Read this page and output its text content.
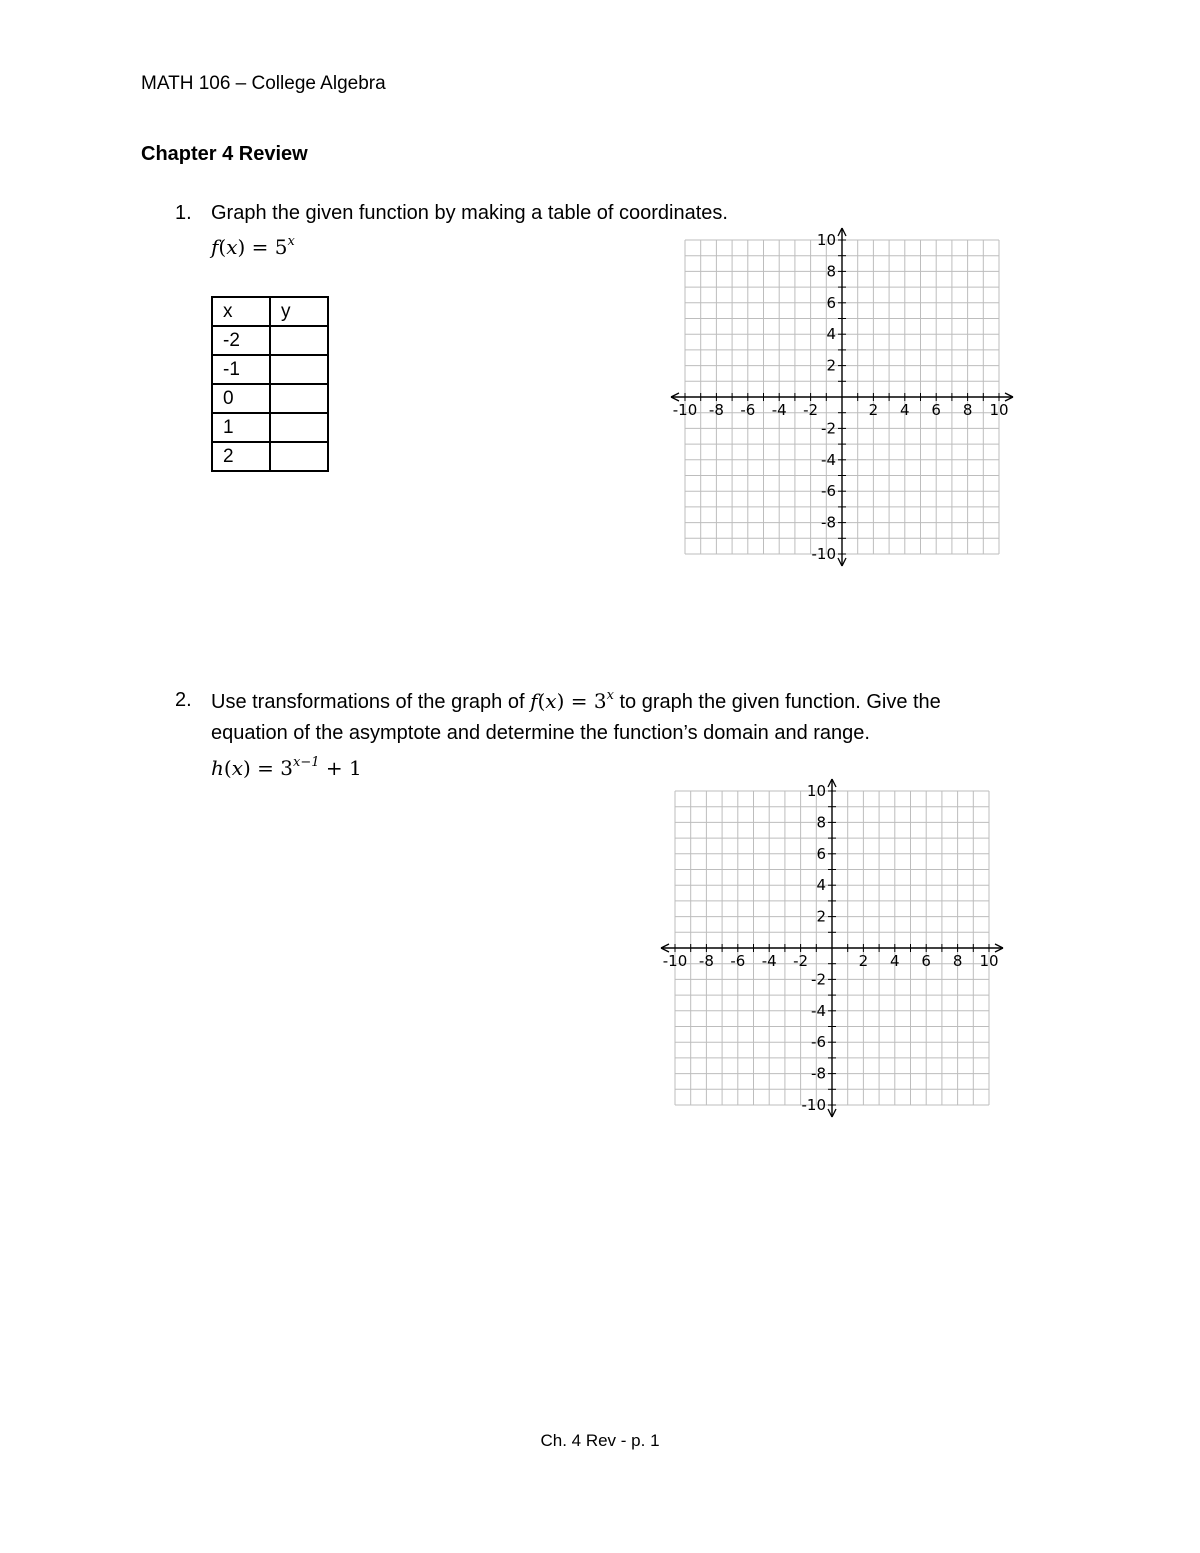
MATH 106 – College Algebra
Chapter 4 Review
1. Graph the given function by making a table of coordinates.
$f(x) = 5^x$
x	y
-2	
-1	
0	
1	
2	
-10 -8 -6 -4 -2	2 4 6 8 10
10
8
6
4
2
-2
-4
-6
-8
-10
2. Use transformations of the graph of $f(x) = 3^x$ to graph the given function. Give the
equation of the asymptote and determine the function’s domain and range.
$h(x) = 3^{x-1} + 1$
-10 -8 -6 -4 -2	2 4 6 8 10
10
8
6
4
2
-2
-4
-6
-8
-10
Ch. 4 Rev - p. 1
